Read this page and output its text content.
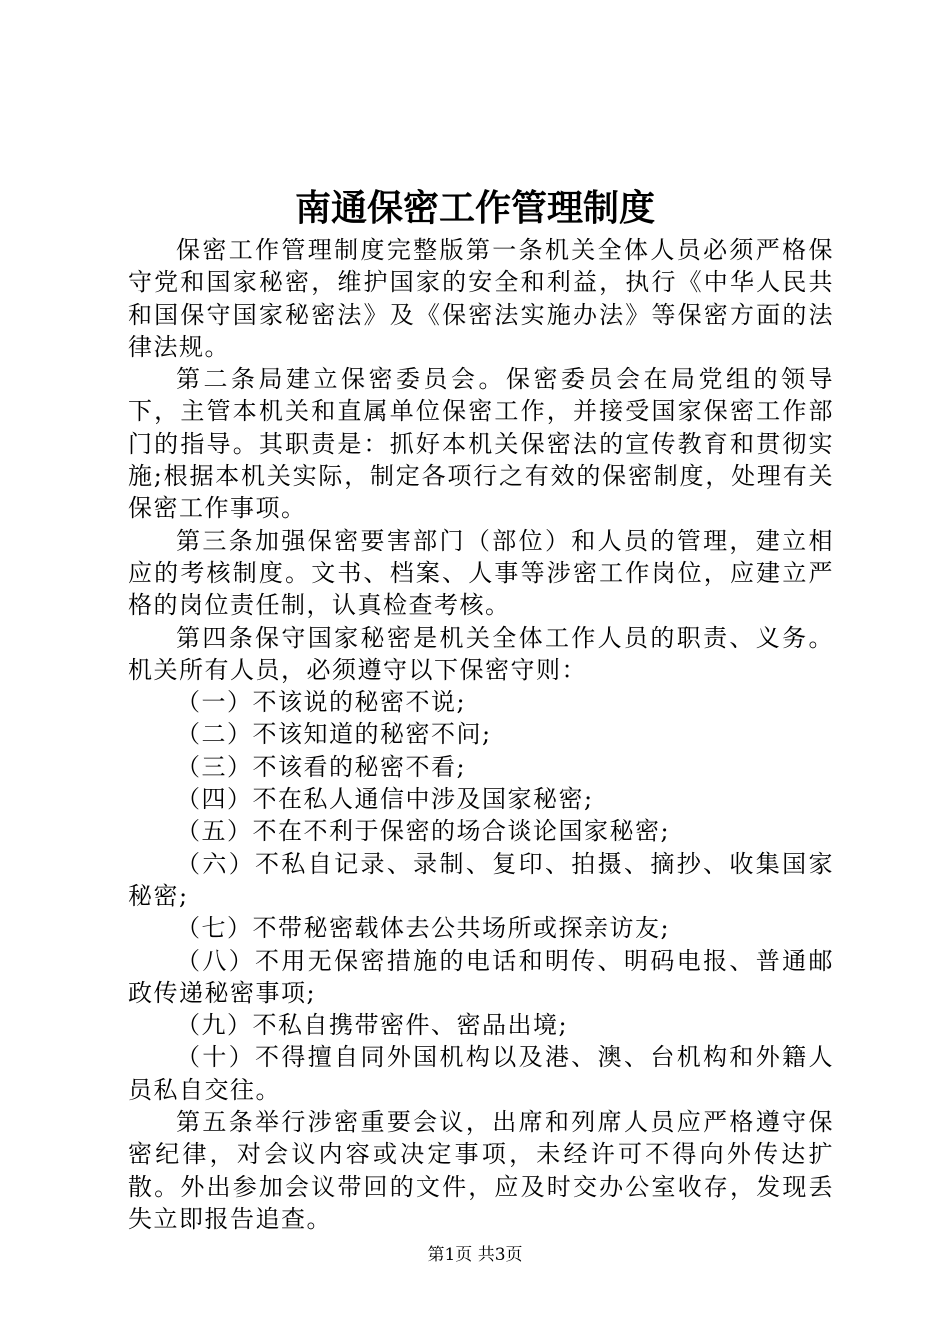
南通保密工作管理制度

保密工作管理制度完整版第一条机关全体人员必须严格保守党和国家秘密，维护国家的安全和利益，执行《中华人民共和国保守国家秘密法》及《保密法实施办法》等保密方面的法律法规。

第二条局建立保密委员会。保密委员会在局党组的领导下，主管本机关和直属单位保密工作，并接受国家保密工作部门的指导。其职责是：抓好本机关保密法的宣传教育和贯彻实施;根据本机关实际，制定各项行之有效的保密制度，处理有关保密工作事项。

第三条加强保密要害部门（部位）和人员的管理，建立相应的考核制度。文书、档案、人事等涉密工作岗位，应建立严格的岗位责任制，认真检查考核。

第四条保守国家秘密是机关全体工作人员的职责、义务。机关所有人员，必须遵守以下保密守则：

（一）不该说的秘密不说;

（二）不该知道的秘密不问;

（三）不该看的秘密不看;

（四）不在私人通信中涉及国家秘密;

（五）不在不利于保密的场合谈论国家秘密;

（六）不私自记录、录制、复印、拍摄、摘抄、收集国家秘密;

（七）不带秘密载体去公共场所或探亲访友;

（八）不用无保密措施的电话和明传、明码电报、普通邮政传递秘密事项;

（九）不私自携带密件、密品出境;

（十）不得擅自同外国机构以及港、澳、台机构和外籍人员私自交往。

第五条举行涉密重要会议，出席和列席人员应严格遵守保密纪律，对会议内容或决定事项，未经许可不得向外传达扩散。外出参加会议带回的文件，应及时交办公室收存，发现丢失立即报告追查。

第1页 共3页
